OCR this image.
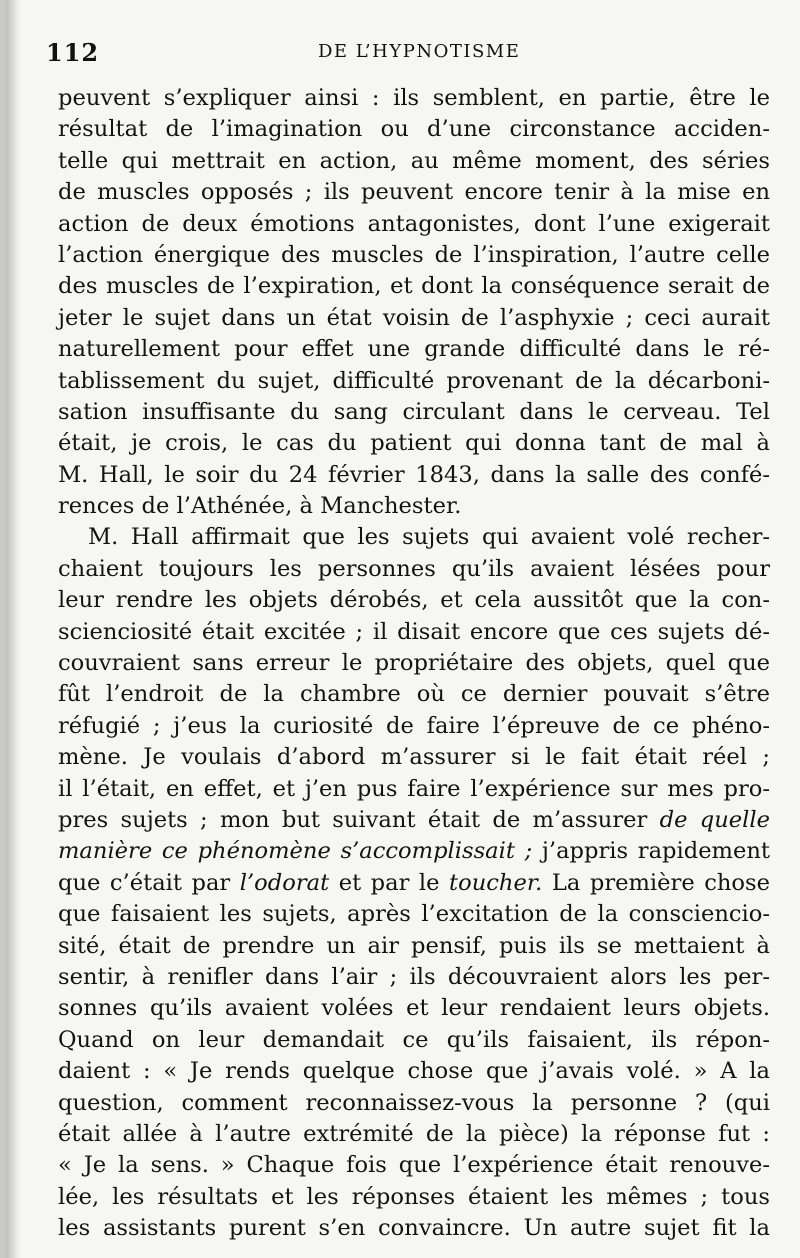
112	DE L’HYPNOTISME
peuvent s’expliquer ainsi : ils semblent, en partie, être le
résultat de l’imagination ou d’une circonstance acciden-
telle qui mettrait en action, au même moment, des séries
de muscles opposés ; ils peuvent encore tenir à la mise en
action de deux émotions antagonistes, dont l’une exigerait
l’action énergique des muscles de l’inspiration, l’autre celle
des muscles de l’expiration, et dont la conséquence serait de
jeter le sujet dans un état voisin de l’asphyxie ; ceci aurait
naturellement pour effet une grande difficulté dans le ré-
tablissement du sujet, difficulté provenant de la décarboni-
sation insuffisante du sang circulant dans le cerveau. Tel
était, je crois, le cas du patient qui donna tant de mal à
M. Hall, le soir du 24 février 1843, dans la salle des confé-
rences de l’Athénée, à Manchester.
M. Hall affirmait que les sujets qui avaient volé recher-
chaient toujours les personnes qu’ils avaient lésées pour
leur rendre les objets dérobés, et cela aussitôt que la con-
scienciosité était excitée ; il disait encore que ces sujets dé-
couvraient sans erreur le propriétaire des objets, quel que
fût l’endroit de la chambre où ce dernier pouvait s’être
réfugié ; j’eus la curiosité de faire l’épreuve de ce phéno-
mène. Je voulais d’abord m’assurer si le fait était réel ;
il l’était, en effet, et j’en pus faire l’expérience sur mes pro-
pres sujets ; mon but suivant était de m’assurer de quelle
manière ce phénomène s’accomplissait ; j’appris rapidement
que c’était par l’odorat et par le toucher. La première chose
que faisaient les sujets, après l’excitation de la conscienciо-
sité, était de prendre un air pensif, puis ils se mettaient à
sentir, à renifler dans l’air ; ils découvraient alors les per-
sonnes qu’ils avaient volées et leur rendaient leurs objets.
Quand on leur demandait ce qu’ils faisaient, ils répon-
daient : « Je rends quelque chose que j’avais volé. » A la
question, comment reconnaissez-vous la personne ? (qui
était allée à l’autre extrémité de la pièce) la réponse fut :
« Je la sens. » Chaque fois que l’expérience était renouve-
lée, les résultats et les réponses étaient les mêmes ; tous
les assistants purent s’en convaincre. Un autre sujet fit la
